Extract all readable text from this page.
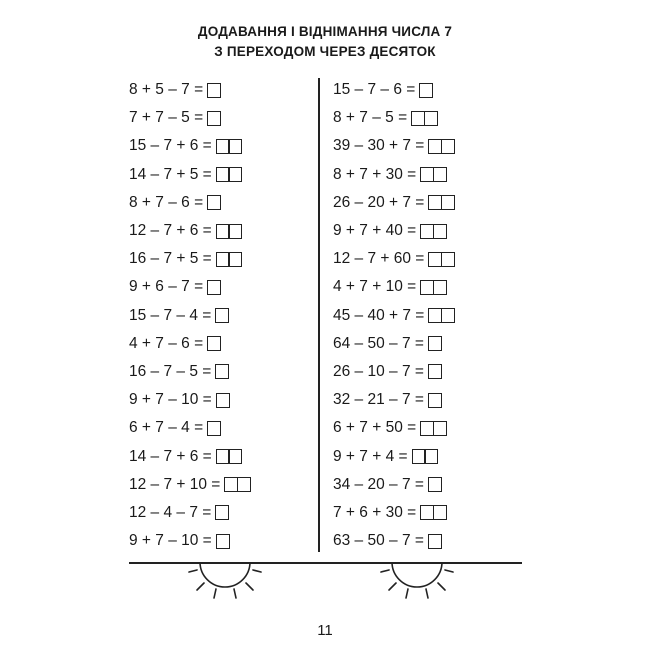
ДОДАВАННЯ І ВІДНІМАННЯ ЧИСЛА 7
З ПЕРЕХОДОМ ЧЕРЕЗ ДЕСЯТОК
8 + 5 – 7 =
7 + 7 – 5 =
15 – 7 + 6 =
14 – 7 + 5 =
8 + 7 – 6 =
12 – 7 + 6 =
16 – 7 + 5 =
9 + 6 – 7 =
15 – 7 – 4 =
4 + 7 – 6 =
16 – 7 – 5 =
9 + 7 – 10 =
6 + 7 – 4 =
14 – 7 + 6 =
12 – 7 + 10 =
12 – 4 – 7 =
9 + 7 – 10 =
15 – 7 – 6 =
8 + 7 – 5 =
39 – 30 + 7 =
8 + 7 + 30 =
26 – 20 + 7 =
9 + 7 + 40 =
12 – 7 + 60 =
4 + 7 + 10 =
45 – 40 + 7 =
64 – 50 – 7 =
26 – 10 – 7 =
32 – 21 – 7 =
6 + 7 + 50 =
9 + 7 + 4 =
34 – 20 – 7 =
7 + 6 + 30 =
63 – 50 – 7 =
11
